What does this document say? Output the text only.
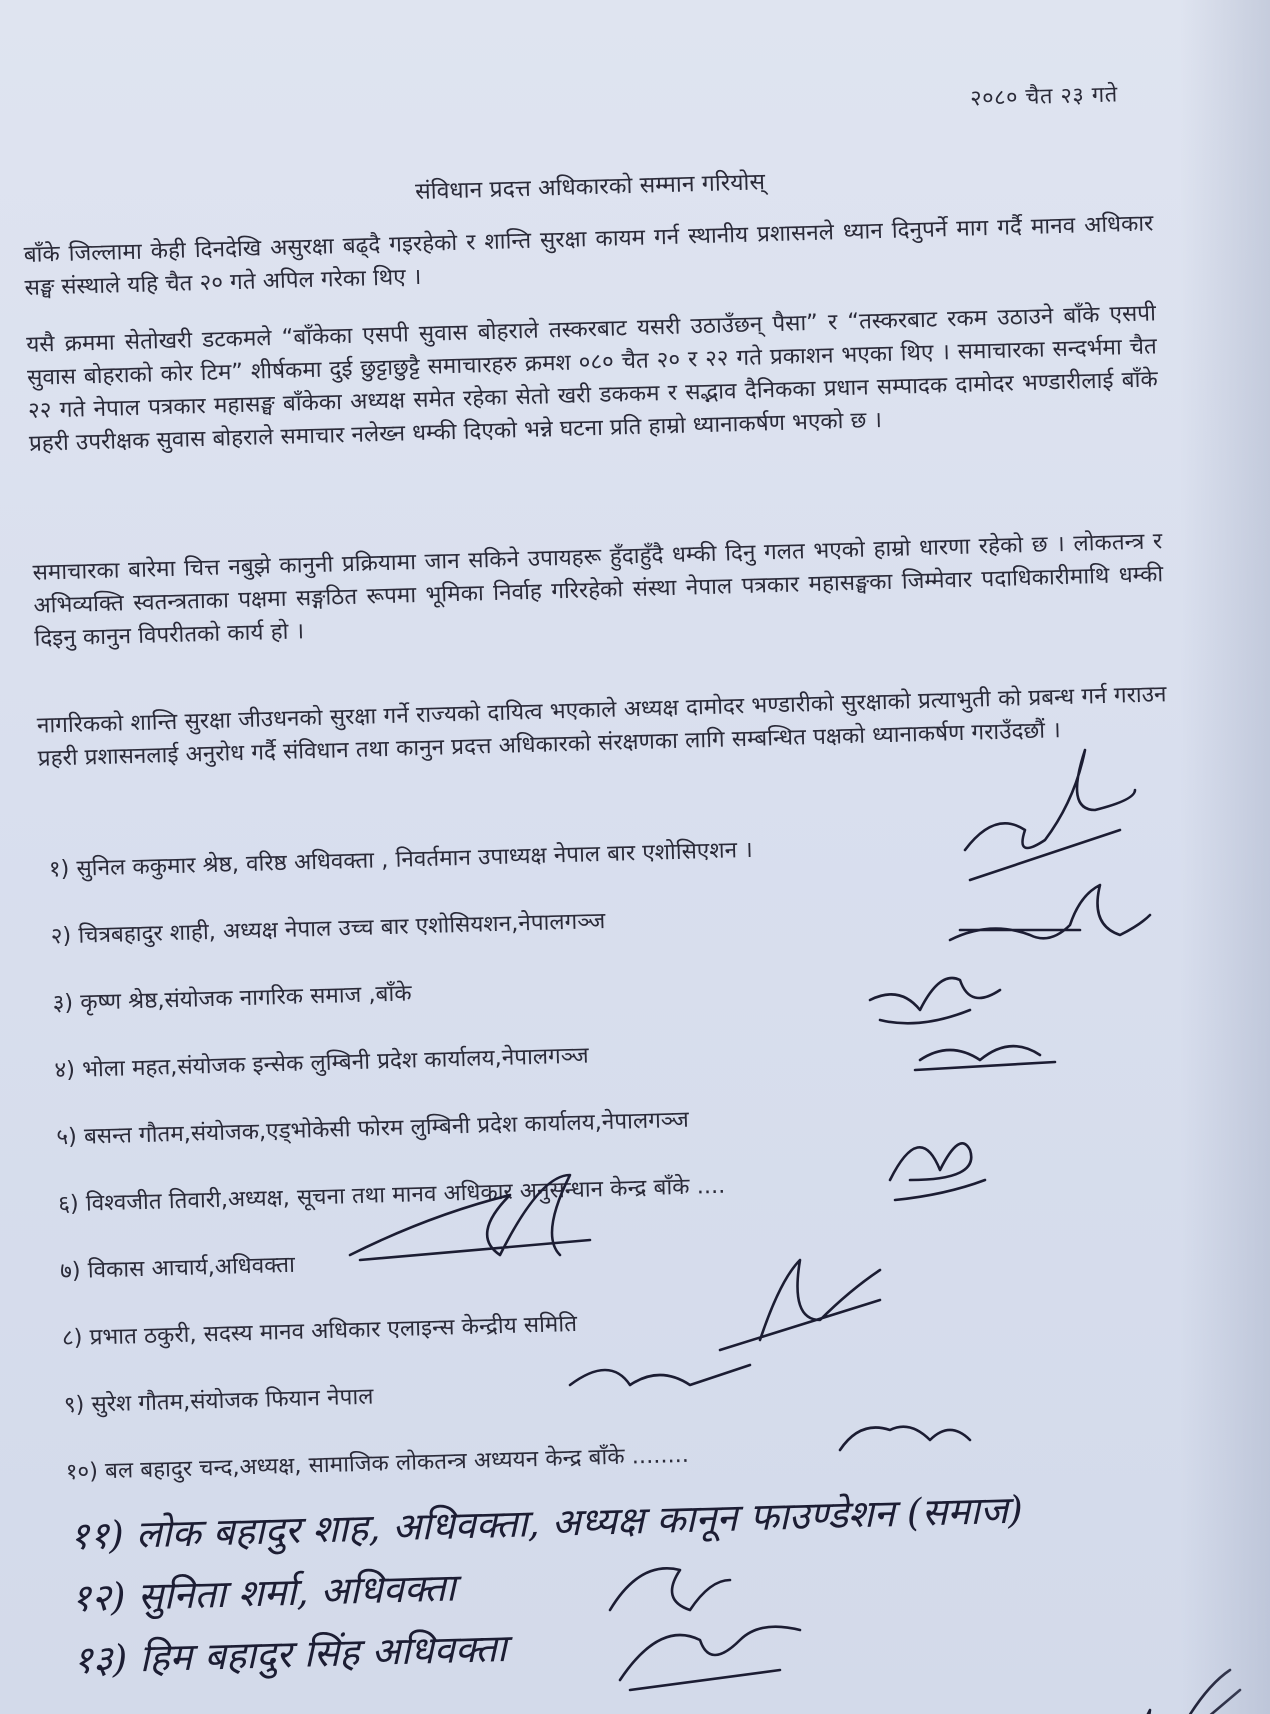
२०८० चैत २३ गते
संविधान प्रदत्त अधिकारको सम्मान गरियोस्

बाँके जिल्लामा केही दिनदेखि असुरक्षा बढ्दै गइरहेको र शान्ति सुरक्षा कायम गर्न स्थानीय प्रशासनले ध्यान दिनुपर्ने माग गर्दै मानव अधिकार सङ्घ संस्थाले यहि चैत २० गते अपिल गरेका थिए ।

यसै क्रममा सेतोखरी डटकमले “बाँकेका एसपी सुवास बोहराले तस्करबाट यसरी उठाउँछन् पैसा” र “तस्करबाट रकम उठाउने बाँके एसपी सुवास बोहराको कोर टिम” शीर्षकमा दुई छुट्टाछुट्टै समाचारहरु क्रमश ०८० चैत २० र २२ गते प्रकाशन भएका थिए । समाचारका सन्दर्भमा चैत २२ गते नेपाल पत्रकार महासङ्घ बाँकेका अध्यक्ष समेत रहेका सेतो खरी डककम र सद्भाव दैनिकका प्रधान सम्पादक दामोदर भण्डारीलाई बाँके प्रहरी उपरीक्षक सुवास बोहराले समाचार नलेख्न धम्की दिएको भन्ने घटना प्रति हाम्रो ध्यानाकर्षण भएको छ ।

समाचारका बारेमा चित्त नबुझे कानुनी प्रक्रियामा जान सकिने उपायहरू हुँदाहुँदै धम्की दिनु गलत भएको हाम्रो धारणा रहेको छ । लोकतन्त्र र अभिव्यक्ति स्वतन्त्रताका पक्षमा सङ्गठित रूपमा भूमिका निर्वाह गरिरहेको संस्था नेपाल पत्रकार महासङ्घका जिम्मेवार पदाधिकारीमाथि धम्की दिइनु कानुन विपरीतको कार्य हो ।

नागरिकको शान्ति सुरक्षा जीउधनको सुरक्षा गर्ने राज्यको दायित्व भएकाले अध्यक्ष दामोदर भण्डारीको सुरक्षाको प्रत्याभुती को प्रबन्ध गर्न गराउन प्रहरी प्रशासनलाई अनुरोध गर्दै संविधान तथा कानुन प्रदत्त अधिकारको संरक्षणका लागि सम्बन्धित पक्षको ध्यानाकर्षण गराउँदछौं ।

१) सुनिल ककुमार श्रेष्ठ, वरिष्ठ अधिवक्ता , निवर्तमान उपाध्यक्ष नेपाल बार एशोसिएशन ।
२) चित्रबहादुर शाही, अध्यक्ष नेपाल उच्च बार एशोसियशन,नेपालगञ्ज
३) कृष्ण श्रेष्ठ,संयोजक नागरिक समाज ,बाँके
४) भोला महत,संयोजक इन्सेक लुम्बिनी प्रदेश कार्यालय,नेपालगञ्ज
५) बसन्त गौतम,संयोजक,एड्भोकेसी फोरम लुम्बिनी प्रदेश कार्यालय,नेपालगञ्ज
६) विश्वजीत तिवारी,अध्यक्ष, सूचना तथा मानव अधिकार अनुसन्धान केन्द्र बाँके ....
७) विकास आचार्य,अधिवक्ता
८) प्रभात ठकुरी, सदस्य मानव अधिकार एलाइन्स केन्द्रीय समिति
९) सुरेश गौतम,संयोजक फियान नेपाल
१०) बल बहादुर चन्द,अध्यक्ष, सामाजिक लोकतन्त्र अध्ययन केन्द्र बाँके ........
११) लोक बहादुर शाह, अधिवक्ता, अध्यक्ष कानून फाउण्डेशन (समाज)
१२) सुनिता शर्मा, अधिवक्ता
१३) हिम बहादुर सिंह अधिवक्ता
